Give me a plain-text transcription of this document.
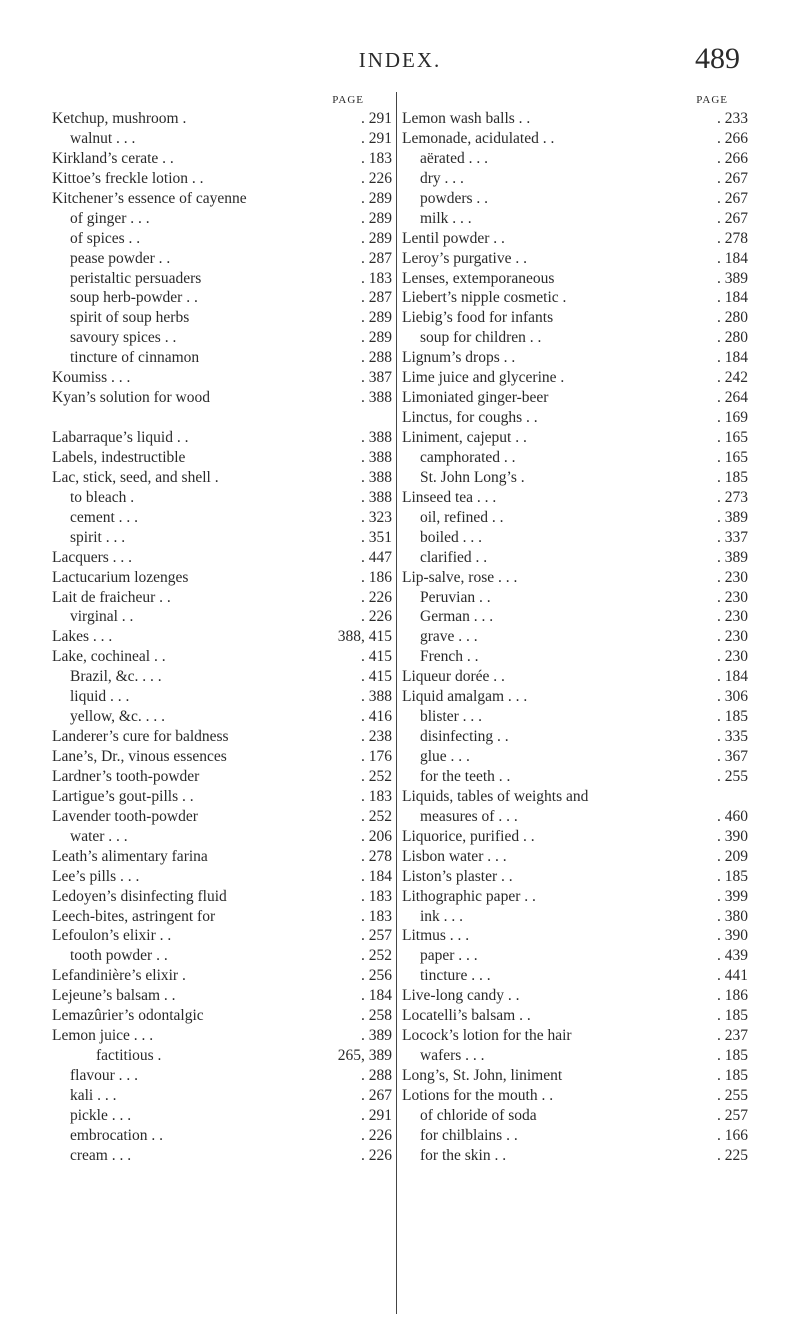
INDEX.	489
PAGE
Ketchup, mushroom .	. 291
walnut . . .	. 291
Kirkland’s cerate . .	. 183
Kittoe’s freckle lotion . .	. 226
Kitchener’s essence of cayenne	. 289
of ginger . . .	. 289
of spices . .	. 289
pease powder . .	. 287
peristaltic persuaders	. 183
soup herb-powder . .	. 287
spirit of soup herbs	. 289
savoury spices . .	. 289
tincture of cinnamon	. 288
Koumiss . . .	. 387
Kyan’s solution for wood	. 388
Labarraque’s liquid . .	. 388
Labels, indestructible	. 388
Lac, stick, seed, and shell .	. 388
to bleach .	. 388
cement . . .	. 323
spirit . . .	. 351
Lacquers . . .	. 447
Lactucarium lozenges	. 186
Lait de fraicheur . .	. 226
virginal . .	. 226
Lakes . . .	388, 415
Lake, cochineal . .	. 415
Brazil, &c. . . .	. 415
liquid . . .	. 388
yellow, &c. . . .	. 416
Landerer’s cure for baldness	. 238
Lane’s, Dr., vinous essences	. 176
Lardner’s tooth-powder	. 252
Lartigue’s gout-pills . .	. 183
Lavender tooth-powder	. 252
water . . .	. 206
Leath’s alimentary farina	. 278
Lee’s pills . . .	. 184
Ledoyen’s disinfecting fluid	. 183
Leech-bites, astringent for	. 183
Lefoulon’s elixir . .	. 257
tooth powder . .	. 252
Lefandinière’s elixir .	. 256
Lejeune’s balsam . .	. 184
Lemazûrier’s odontalgic	. 258
Lemon juice . . .	. 389
factitious .	265, 389
flavour . . .	. 288
kali . . .	. 267
pickle . . .	. 291
embrocation . .	. 226
cream . . .	. 226
PAGE
Lemon wash balls . .	. 233
Lemonade, acidulated . .	. 266
aërated . . .	. 266
dry . . .	. 267
powders . .	. 267
milk . . .	. 267
Lentil powder . .	. 278
Leroy’s purgative . .	. 184
Lenses, extemporaneous	. 389
Liebert’s nipple cosmetic .	. 184
Liebig’s food for infants	. 280
soup for children . .	. 280
Lignum’s drops . .	. 184
Lime juice and glycerine .	. 242
Limoniated ginger-beer	. 264
Linctus, for coughs . .	. 169
Liniment, cajeput . .	. 165
camphorated . .	. 165
St. John Long’s .	. 185
Linseed tea . . .	. 273
oil, refined . .	. 389
boiled . . .	. 337
clarified . .	. 389
Lip-salve, rose . . .	. 230
Peruvian . .	. 230
German . . .	. 230
grave . . .	. 230
French . .	. 230
Liqueur dorée . .	. 184
Liquid amalgam . . .	. 306
blister . . .	. 185
disinfecting . .	. 335
glue . . .	. 367
for the teeth . .	. 255
Liquids, tables of weights and
measures of . . .	. 460
Liquorice, purified . .	. 390
Lisbon water . . .	. 209
Liston’s plaster . .	. 185
Lithographic paper . .	. 399
ink . . .	. 380
Litmus . . .	. 390
paper . . .	. 439
tincture . . .	. 441
Live-long candy . .	. 186
Locatelli’s balsam . .	. 185
Locock’s lotion for the hair	. 237
wafers . . .	. 185
Long’s, St. John, liniment	. 185
Lotions for the mouth . .	. 255
of chloride of soda	. 257
for chilblains . .	. 166
for the skin . .	. 225
